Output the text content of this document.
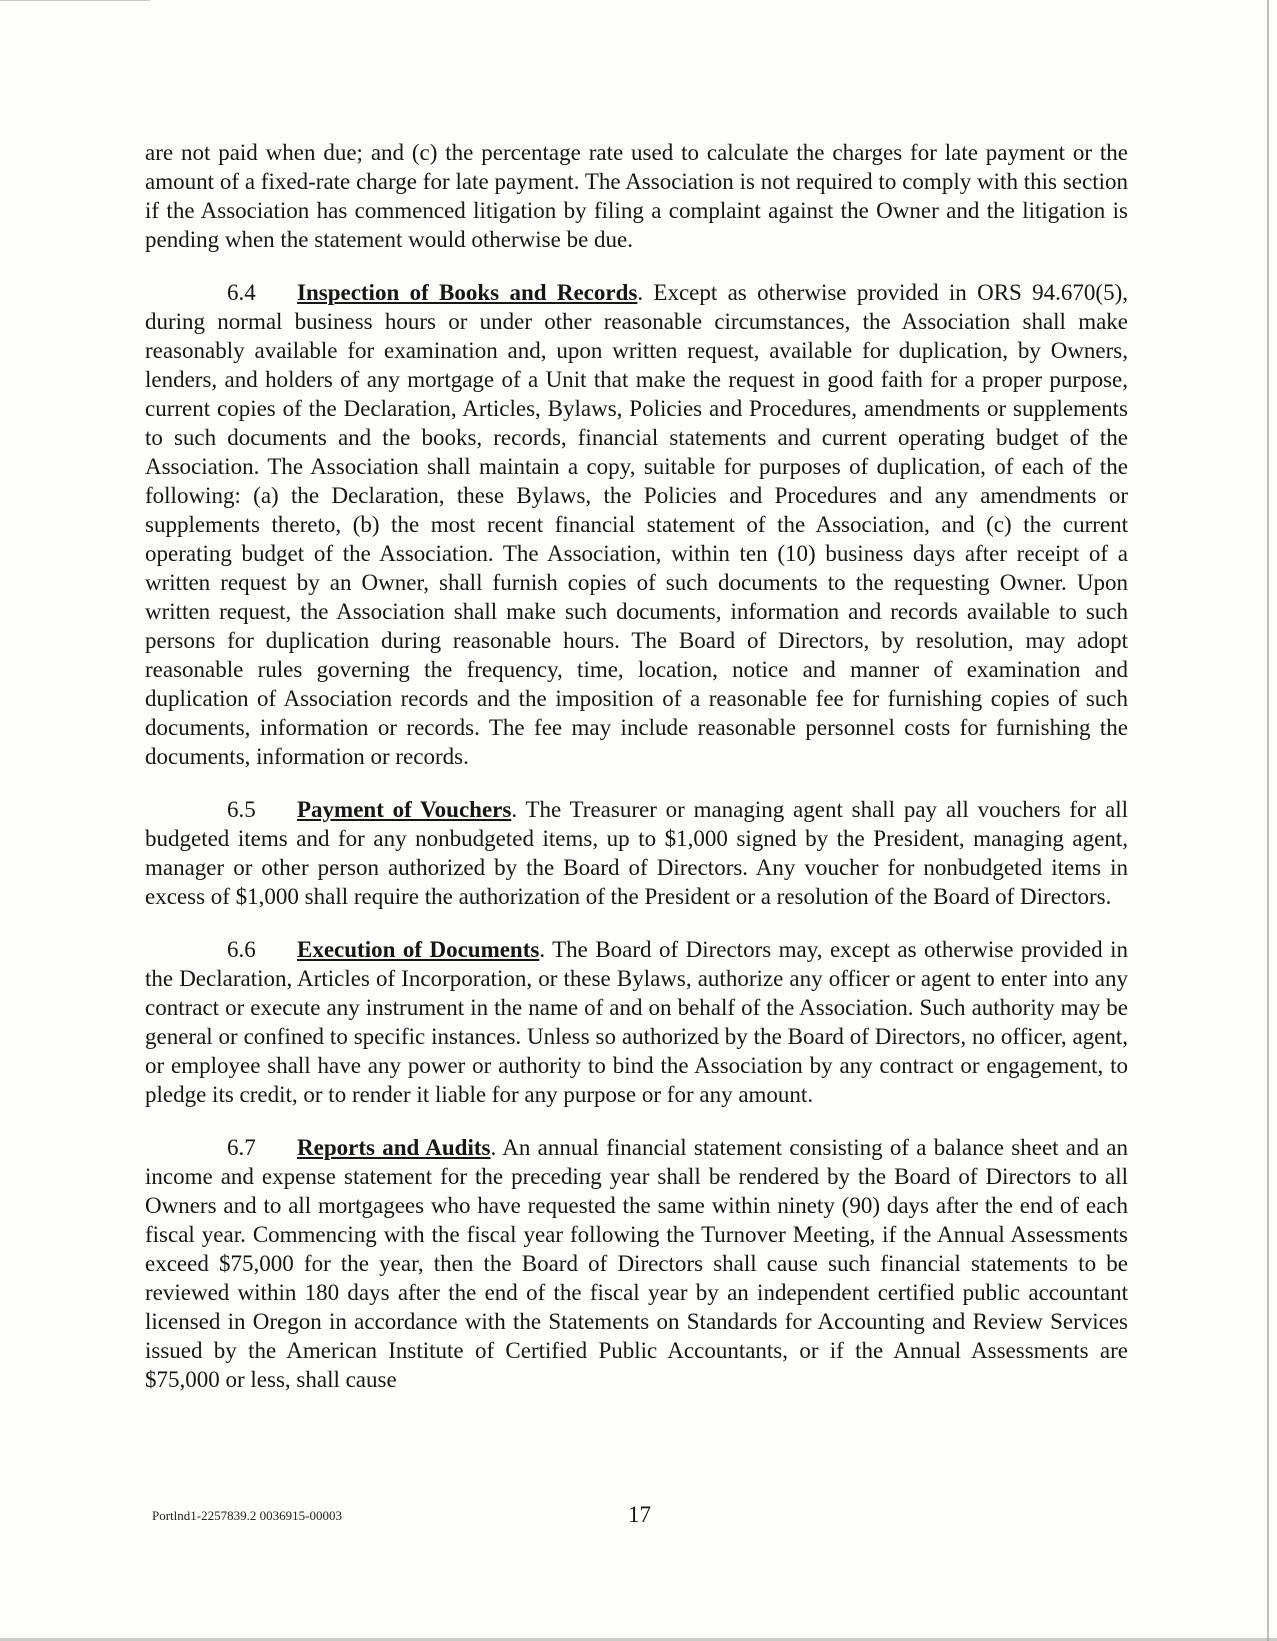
are not paid when due; and (c) the percentage rate used to calculate the charges for late payment or the amount of a fixed-rate charge for late payment. The Association is not required to comply with this section if the Association has commenced litigation by filing a complaint against the Owner and the litigation is pending when the statement would otherwise be due.

6.4 Inspection of Books and Records. Except as otherwise provided in ORS 94.670(5), during normal business hours or under other reasonable circumstances, the Association shall make reasonably available for examination and, upon written request, available for duplication, by Owners, lenders, and holders of any mortgage of a Unit that make the request in good faith for a proper purpose, current copies of the Declaration, Articles, Bylaws, Policies and Procedures, amendments or supplements to such documents and the books, records, financial statements and current operating budget of the Association. The Association shall maintain a copy, suitable for purposes of duplication, of each of the following: (a) the Declaration, these Bylaws, the Policies and Procedures and any amendments or supplements thereto, (b) the most recent financial statement of the Association, and (c) the current operating budget of the Association. The Association, within ten (10) business days after receipt of a written request by an Owner, shall furnish copies of such documents to the requesting Owner. Upon written request, the Association shall make such documents, information and records available to such persons for duplication during reasonable hours. The Board of Directors, by resolution, may adopt reasonable rules governing the frequency, time, location, notice and manner of examination and duplication of Association records and the imposition of a reasonable fee for furnishing copies of such documents, information or records. The fee may include reasonable personnel costs for furnishing the documents, information or records.

6.5 Payment of Vouchers. The Treasurer or managing agent shall pay all vouchers for all budgeted items and for any nonbudgeted items, up to $1,000 signed by the President, managing agent, manager or other person authorized by the Board of Directors. Any voucher for nonbudgeted items in excess of $1,000 shall require the authorization of the President or a resolution of the Board of Directors.

6.6 Execution of Documents. The Board of Directors may, except as otherwise provided in the Declaration, Articles of Incorporation, or these Bylaws, authorize any officer or agent to enter into any contract or execute any instrument in the name of and on behalf of the Association. Such authority may be general or confined to specific instances. Unless so authorized by the Board of Directors, no officer, agent, or employee shall have any power or authority to bind the Association by any contract or engagement, to pledge its credit, or to render it liable for any purpose or for any amount.

6.7 Reports and Audits. An annual financial statement consisting of a balance sheet and an income and expense statement for the preceding year shall be rendered by the Board of Directors to all Owners and to all mortgagees who have requested the same within ninety (90) days after the end of each fiscal year. Commencing with the fiscal year following the Turnover Meeting, if the Annual Assessments exceed $75,000 for the year, then the Board of Directors shall cause such financial statements to be reviewed within 180 days after the end of the fiscal year by an independent certified public accountant licensed in Oregon in accordance with the Statements on Standards for Accounting and Review Services issued by the American Institute of Certified Public Accountants, or if the Annual Assessments are $75,000 or less, shall cause

Portlnd1-2257839.2 0036915-00003	17
